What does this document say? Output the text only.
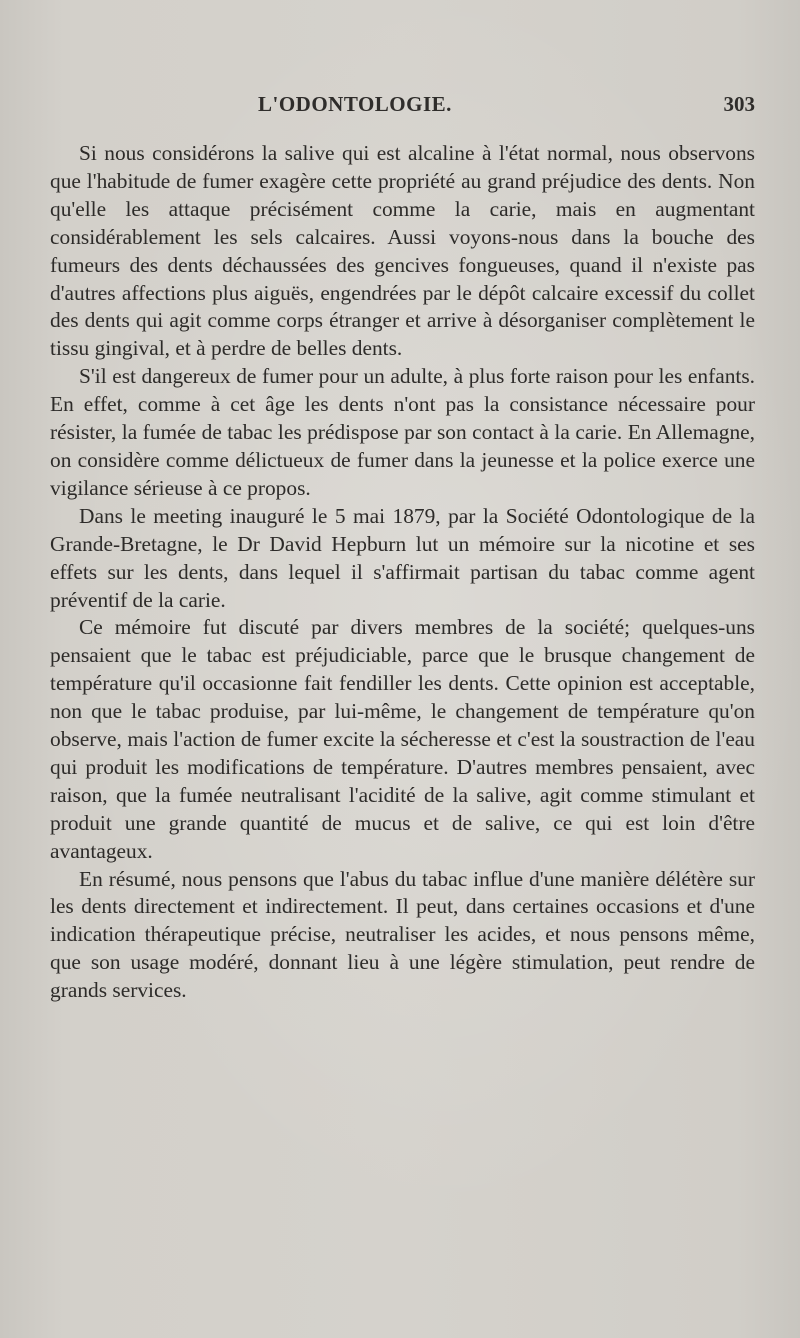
L'ODONTOLOGIE.	303

Si nous considérons la salive qui est alcaline à l'état normal, nous observons que l'habitude de fumer exagère cette propriété au grand préjudice des dents. Non qu'elle les attaque précisément comme la carie, mais en augmentant considérablement les sels calcaires. Aussi voyons-nous dans la bouche des fumeurs des dents déchaussées des gencives fongueuses, quand il n'existe pas d'autres affections plus aiguës, engendrées par le dépôt calcaire excessif du collet des dents qui agit comme corps étranger et arrive à désorganiser complètement le tissu gingival, et à perdre de belles dents.

S'il est dangereux de fumer pour un adulte, à plus forte raison pour les enfants. En effet, comme à cet âge les dents n'ont pas la consistance nécessaire pour résister, la fumée de tabac les prédispose par son contact à la carie. En Allemagne, on considère comme délictueux de fumer dans la jeunesse et la police exerce une vigilance sérieuse à ce propos.

Dans le meeting inauguré le 5 mai 1879, par la Société Odontologique de la Grande-Bretagne, le Dr David Hepburn lut un mémoire sur la nicotine et ses effets sur les dents, dans lequel il s'affirmait partisan du tabac comme agent préventif de la carie.

Ce mémoire fut discuté par divers membres de la société; quelques-uns pensaient que le tabac est préjudiciable, parce que le brusque changement de température qu'il occasionne fait fendiller les dents. Cette opinion est acceptable, non que le tabac produise, par lui-même, le changement de température qu'on observe, mais l'action de fumer excite la sécheresse et c'est la soustraction de l'eau qui produit les modifications de température. D'autres membres pensaient, avec raison, que la fumée neutralisant l'acidité de la salive, agit comme stimulant et produit une grande quantité de mucus et de salive, ce qui est loin d'être avantageux.

En résumé, nous pensons que l'abus du tabac influe d'une manière délétère sur les dents directement et indirectement. Il peut, dans certaines occasions et d'une indication thérapeutique précise, neutraliser les acides, et nous pensons même, que son usage modéré, donnant lieu à une légère stimulation, peut rendre de grands services.
